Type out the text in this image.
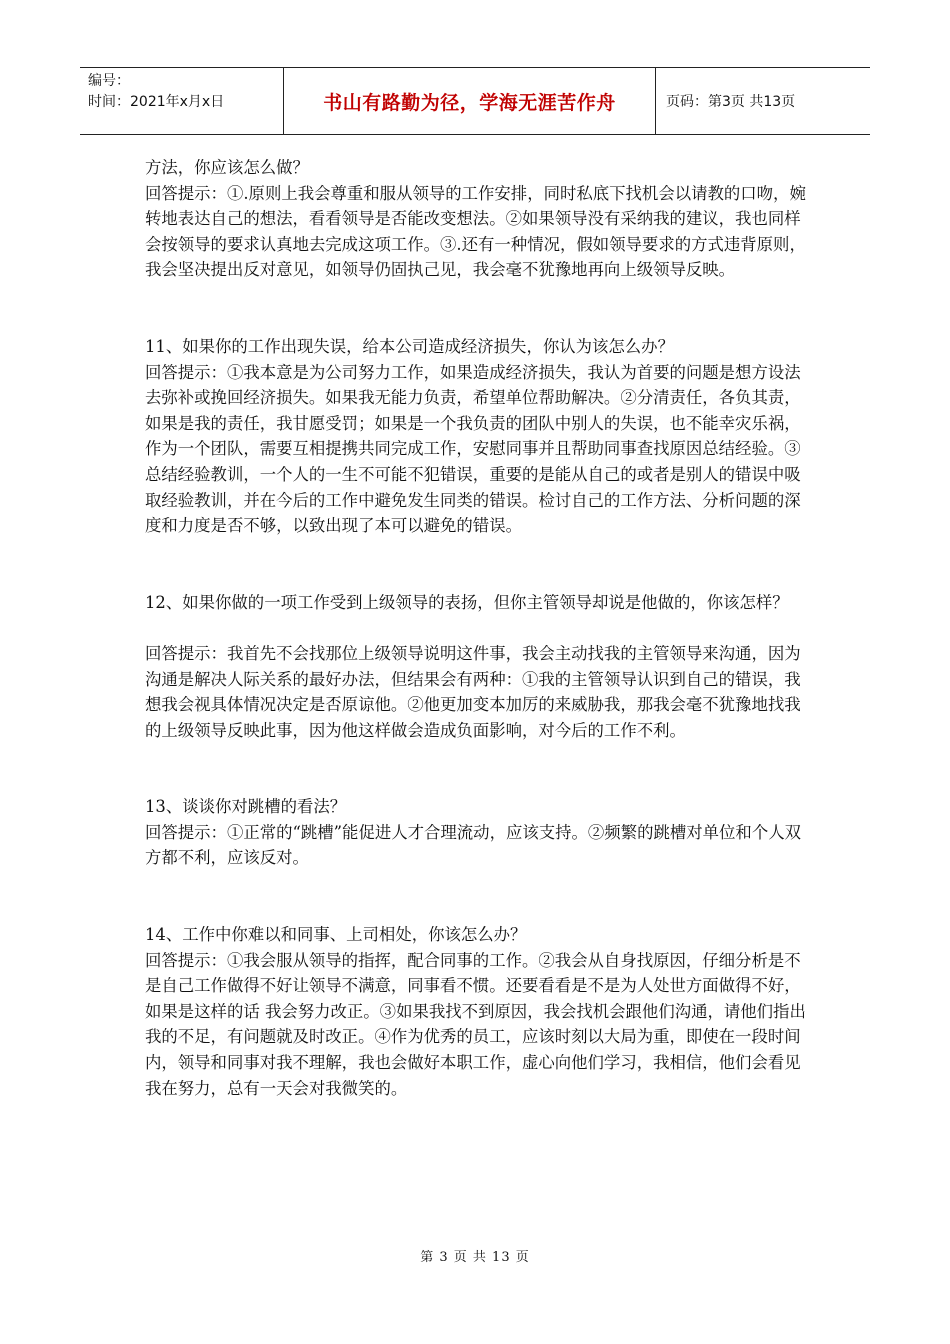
编号：
时间：2021年x月x日	书山有路勤为径，学海无涯苦作舟	页码：第3页 共13页

方法，你应该怎么做？

回答提示：①.原则上我会尊重和服从领导的工作安排，同时私底下找机会以请教的口吻，婉转地表达自己的想法，看看领导是否能改变想法。②如果领导没有采纳我的建议，我也同样会按领导的要求认真地去完成这项工作。③.还有一种情况，假如领导要求的方式违背原则，我会坚决提出反对意见，如领导仍固执己见，我会毫不犹豫地再向上级领导反映。

11、如果你的工作出现失误，给本公司造成经济损失，你认为该怎么办？

回答提示：①我本意是为公司努力工作，如果造成经济损失，我认为首要的问题是想方设法去弥补或挽回经济损失。如果我无能力负责，希望单位帮助解决。②分清责任，各负其责，如果是我的责任，我甘愿受罚；如果是一个我负责的团队中别人的失误，也不能幸灾乐祸，作为一个团队，需要互相提携共同完成工作，安慰同事并且帮助同事查找原因总结经验。③总结经验教训，一个人的一生不可能不犯错误，重要的是能从自己的或者是别人的错误中吸取经验教训，并在今后的工作中避免发生同类的错误。检讨自己的工作方法、分析问题的深度和力度是否不够，以致出现了本可以避免的错误。

12、如果你做的一项工作受到上级领导的表扬，但你主管领导却说是他做的，你该怎样？

回答提示：我首先不会找那位上级领导说明这件事，我会主动找我的主管领导来沟通，因为沟通是解决人际关系的最好办法，但结果会有两种：①我的主管领导认识到自己的错误，我想我会视具体情况决定是否原谅他。②他更加变本加厉的来威胁我，那我会毫不犹豫地找我的上级领导反映此事，因为他这样做会造成负面影响，对今后的工作不利。

13、谈谈你对跳槽的看法？

回答提示：①正常的“跳槽”能促进人才合理流动，应该支持。②频繁的跳槽对单位和个人双方都不利，应该反对。

14、工作中你难以和同事、上司相处，你该怎么办？

回答提示：①我会服从领导的指挥，配合同事的工作。②我会从自身找原因，仔细分析是不是自己工作做得不好让领导不满意，同事看不惯。还要看看是不是为人处世方面做得不好，如果是这样的话 我会努力改正。③如果我找不到原因，我会找机会跟他们沟通，请他们指出我的不足，有问题就及时改正。④作为优秀的员工，应该时刻以大局为重，即使在一段时间内，领导和同事对我不理解，我也会做好本职工作，虚心向他们学习，我相信，他们会看见我在努力，总有一天会对我微笑的。

第 3 页 共 13 页
